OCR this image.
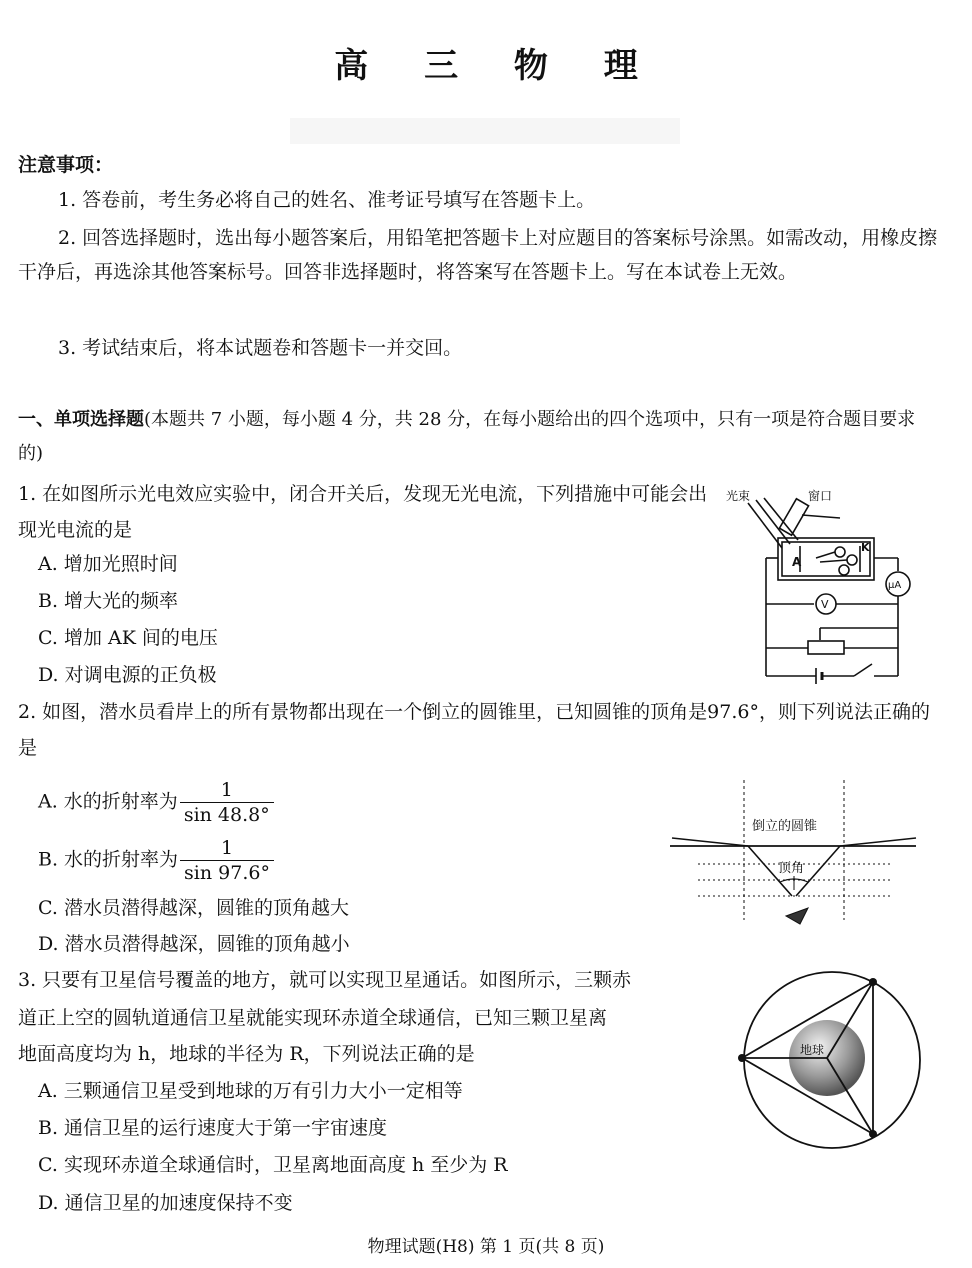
高 三 物 理
注意事项：
1. 答卷前，考生务必将自己的姓名、准考证号填写在答题卡上。
2. 回答选择题时，选出每小题答案后，用铅笔把答题卡上对应题目的答案标号涂黑。如需改动，用橡皮擦干净后，再选涂其他答案标号。回答非选择题时，将答案写在答题卡上。写在本试卷上无效。
3. 考试结束后，将本试题卷和答题卡一并交回。
一、单项选择题(本题共 7 小题，每小题 4 分，共 28 分，在每小题给出的四个选项中，只有一项是符合题目要求的)
1. 在如图所示光电效应实验中，闭合开关后，发现无光电流，下列措施中可能会出现光电流的是
A. 增加光照时间
B. 增大光的频率
C. 增加 AK 间的电压
D. 对调电源的正负极
光束	窗口
A
K
μA
V
2. 如图，潜水员看岸上的所有景物都出现在一个倒立的圆锥里，已知圆锥的顶角是97.6°，则下列说法正确的是
A. 水的折射率为 $\frac{1}{\sin 48.8^\circ}$
B. 水的折射率为 $\frac{1}{\sin 97.6^\circ}$
C. 潜水员潜得越深，圆锥的顶角越大
D. 潜水员潜得越深，圆锥的顶角越小
倒立的圆锥
顶角
3. 只要有卫星信号覆盖的地方，就可以实现卫星通话。如图所示，三颗赤
道正上空的圆轨道通信卫星就能实现环赤道全球通信，已知三颗卫星离
地面高度均为 h，地球的半径为 R，下列说法正确的是
A. 三颗通信卫星受到地球的万有引力大小一定相等
B. 通信卫星的运行速度大于第一宇宙速度
C. 实现环赤道全球通信时，卫星离地面高度 h 至少为 R
D. 通信卫星的加速度保持不变
地球
物理试题(H8) 第 1 页(共 8 页)
